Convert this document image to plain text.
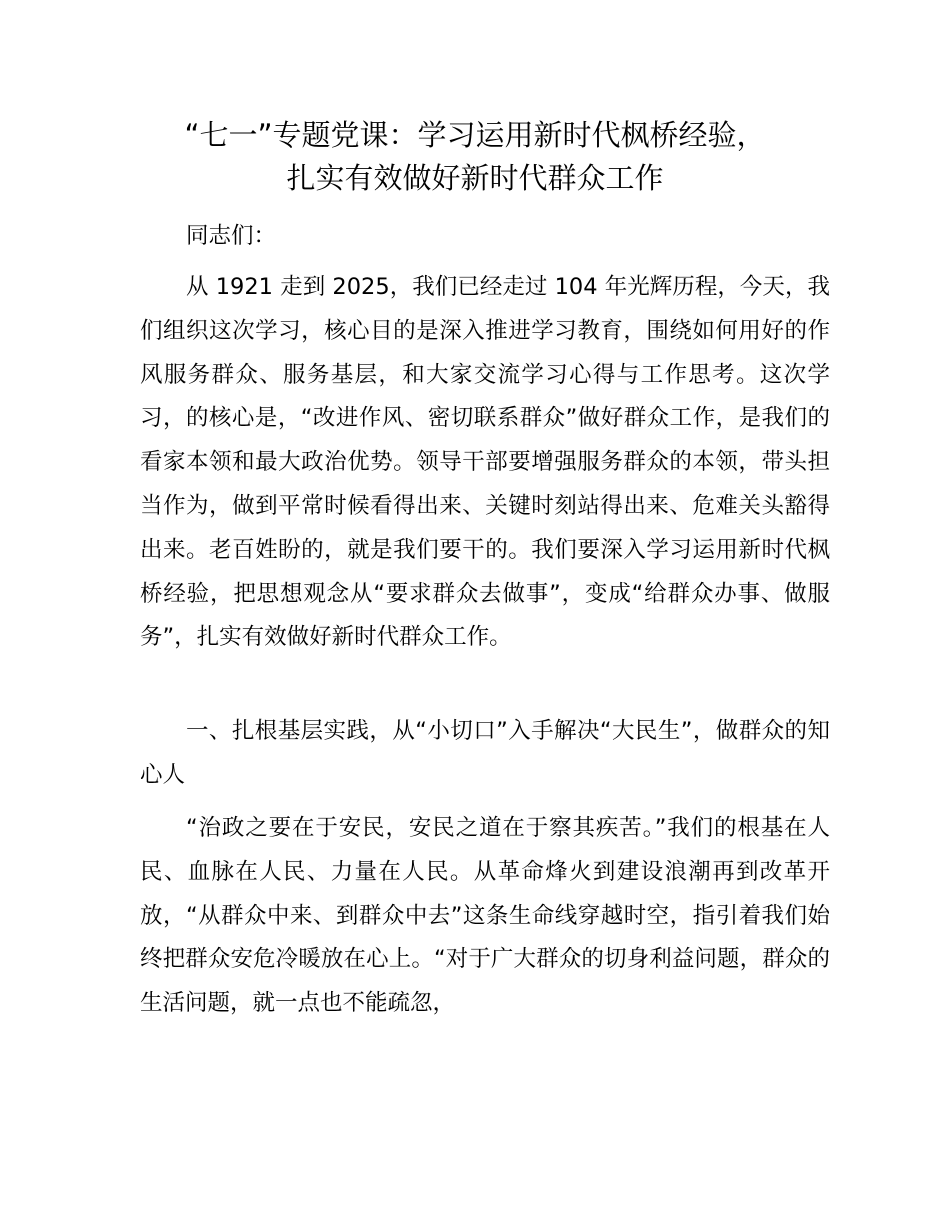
“七一”专题党课：学习运用新时代枫桥经验，
扎实有效做好新时代群众工作

同志们：

从 1921 走到 2025，我们已经走过 104 年光辉历程，今天，我们组织这次学习，核心目的是深入推进学习教育，围绕如何用好的作风服务群众、服务基层，和大家交流学习心得与工作思考。这次学习，的核心是，“改进作风、密切联系群众”做好群众工作，是我们的看家本领和最大政治优势。领导干部要增强服务群众的本领，带头担当作为，做到平常时候看得出来、关键时刻站得出来、危难关头豁得出来。老百姓盼的，就是我们要干的。我们要深入学习运用新时代枫桥经验，把思想观念从“要求群众去做事”，变成“给群众办事、做服务”，扎实有效做好新时代群众工作。

一、扎根基层实践，从“小切口”入手解决“大民生”，做群众的知心人

“治政之要在于安民，安民之道在于察其疾苦。”我们的根基在人民、血脉在人民、力量在人民。从革命烽火到建设浪潮再到改革开放，“从群众中来、到群众中去”这条生命线穿越时空，指引着我们始终把群众安危冷暖放在心上。“对于广大群众的切身利益问题，群众的生活问题，就一点也不能疏忽，
